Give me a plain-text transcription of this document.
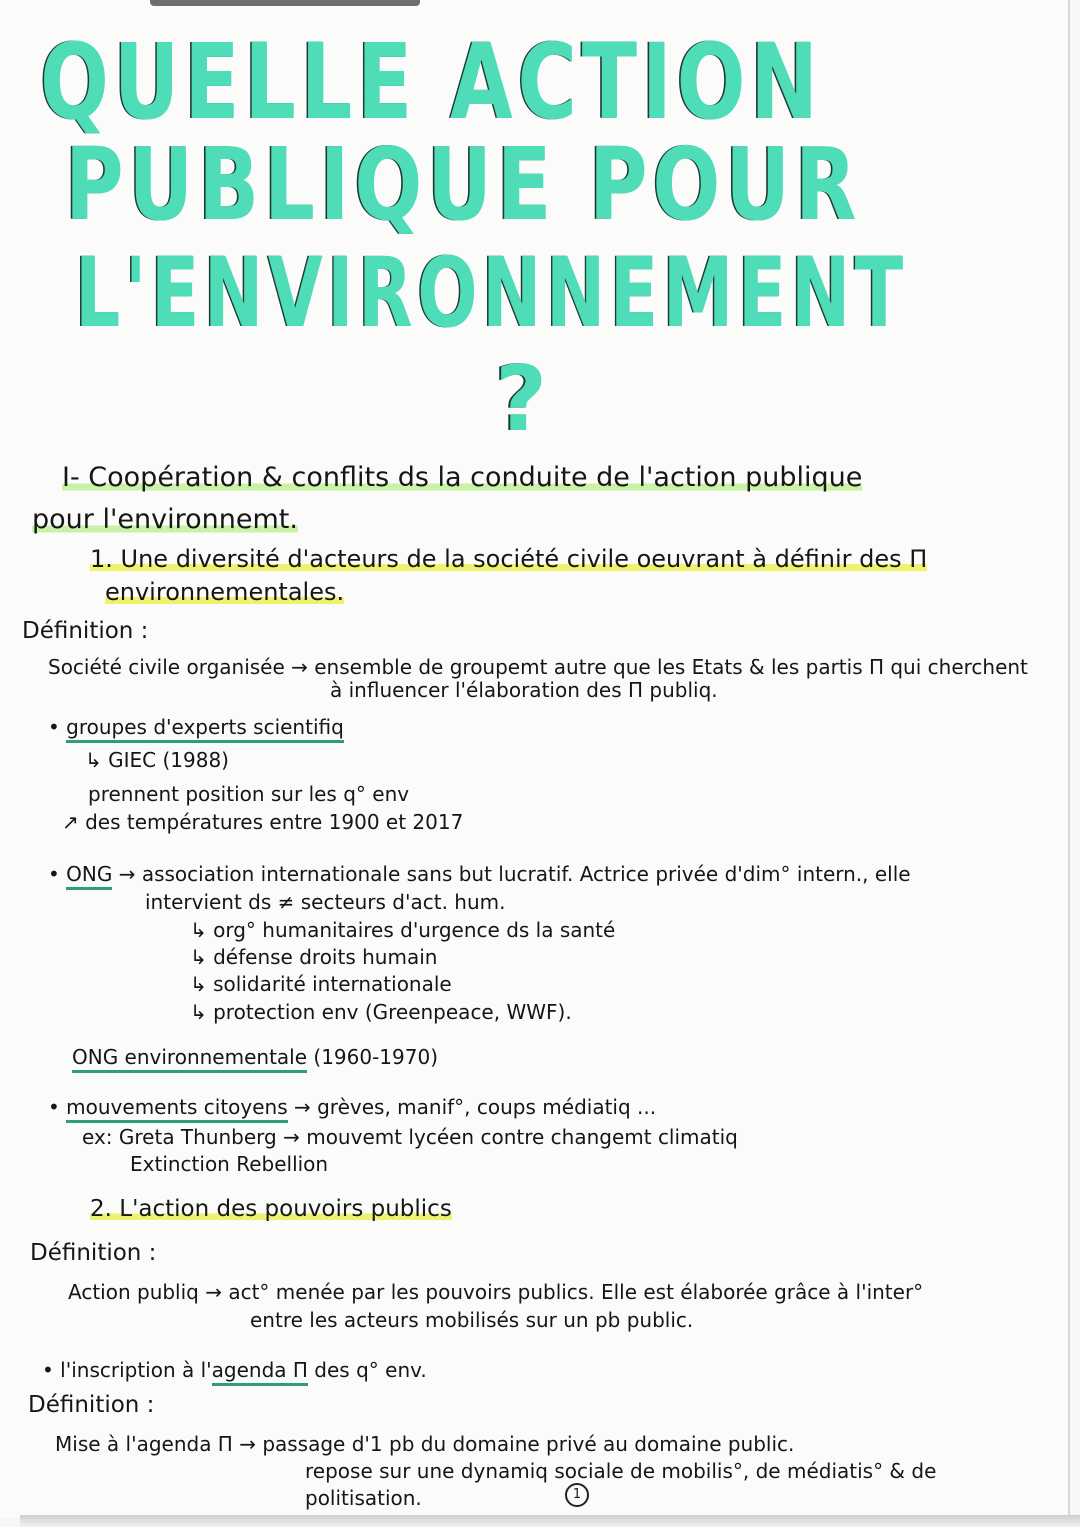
QUELLE ACTION
PUBLIQUE POUR
L'ENVIRONNEMENT
?
I- Coopération & conflits ds la conduite de l'action publique
pour l'environnemt.
1. Une diversité d'acteurs de la société civile oeuvrant à définir des Π
environnementales.
Définition :
Société civile organisée → ensemble de groupemt autre que les Etats & les partis Π qui cherchent
à influencer l'élaboration des Π publiq.
• groupes d'experts scientifiq
↳ GIEC (1988)
prennent position sur les q° env
↗ des températures entre 1900 et 2017
• ONG → association internationale sans but lucratif. Actrice privée d'dim° intern., elle
intervient ds ≠ secteurs d'act. hum.
↳ org° humanitaires d'urgence ds la santé
↳ défense droits humain
↳ solidarité internationale
↳ protection env (Greenpeace, WWF).
ONG environnementale (1960-1970)
• mouvements citoyens → grèves, manif°, coups médiatiq ...
ex: Greta Thunberg → mouvemt lycéen contre changemt climatiq
Extinction Rebellion
2. L'action des pouvoirs publics
Définition :
Action publiq → act° menée par les pouvoirs publics. Elle est élaborée grâce à l'inter°
entre les acteurs mobilisés sur un pb public.
• l'inscription à l'agenda Π des q° env.
Définition :
Mise à l'agenda Π → passage d'1 pb du domaine privé au domaine public.
repose sur une dynamiq sociale de mobilis°, de médiatis° & de
politisation.	1
